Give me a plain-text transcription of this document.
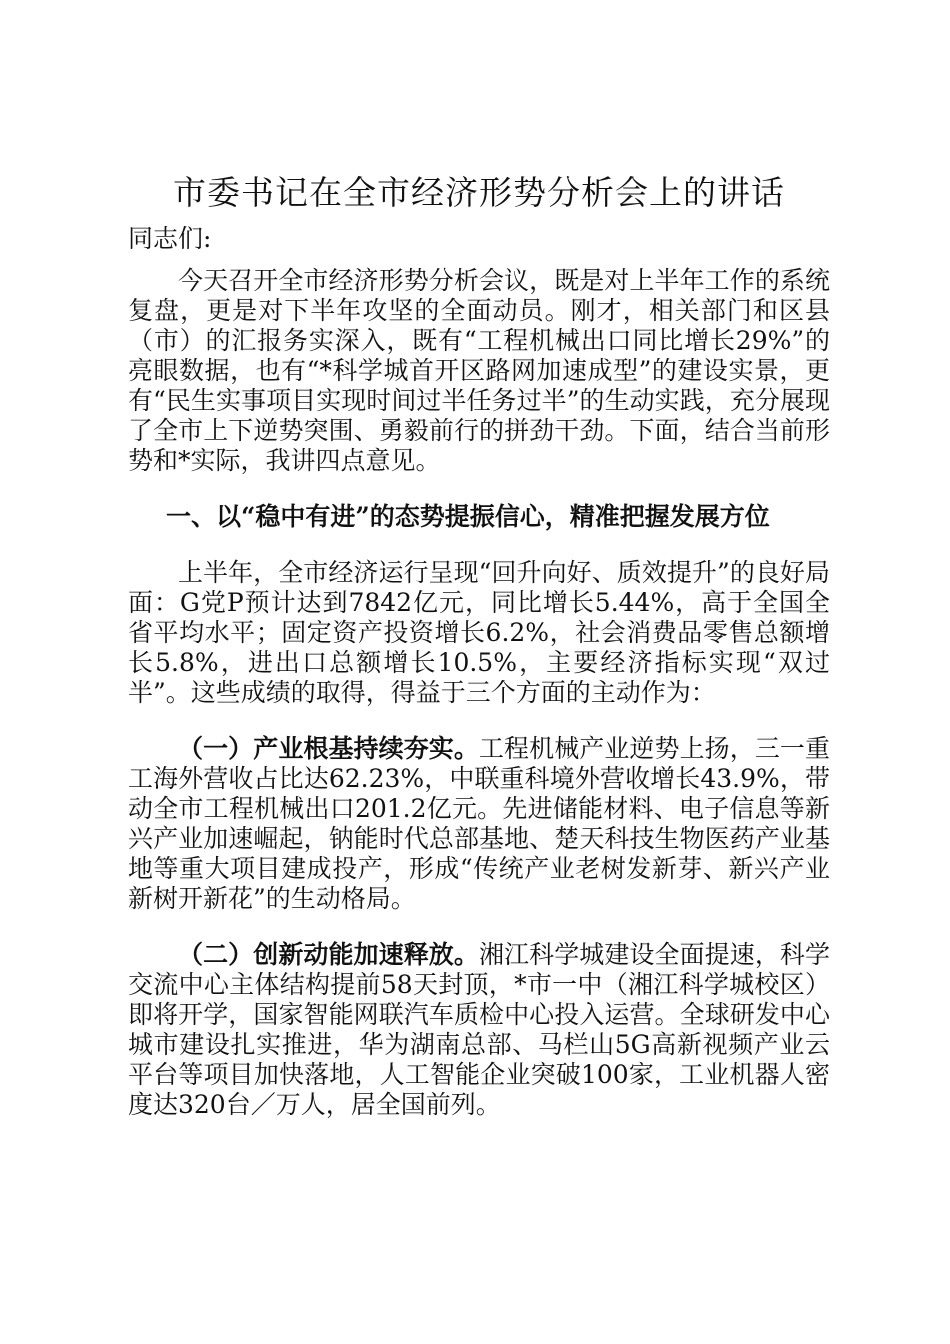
市委书记在全市经济形势分析会上的讲话

同志们:

今天召开全市经济形势分析会议，既是对上半年工作的系统复盘，更是对下半年攻坚的全面动员。刚才，相关部门和区县（市）的汇报务实深入，既有“工程机械出口同比增长29%”的亮眼数据，也有“*科学城首开区路网加速成型”的建设实景，更有“民生实事项目实现时间过半任务过半”的生动实践，充分展现了全市上下逆势突围、勇毅前行的拼劲干劲。下面，结合当前形势和*实际，我讲四点意见。

一、以“稳中有进”的态势提振信心，精准把握发展方位

上半年，全市经济运行呈现“回升向好、质效提升”的良好局面：G党P预计达到7842亿元，同比增长5.44%，高于全国全省平均水平；固定资产投资增长6.2%，社会消费品零售总额增长5.8%，进出口总额增长10.5%，主要经济指标实现“双过半”。这些成绩的取得，得益于三个方面的主动作为：

（一）产业根基持续夯实。工程机械产业逆势上扬，三一重工海外营收占比达62.23%，中联重科境外营收增长43.9%，带动全市工程机械出口201.2亿元。先进储能材料、电子信息等新兴产业加速崛起，钠能时代总部基地、楚天科技生物医药产业基地等重大项目建成投产，形成“传统产业老树发新芽、新兴产业新树开新花”的生动格局。

（二）创新动能加速释放。湘江科学城建设全面提速，科学交流中心主体结构提前58天封顶，*市一中（湘江科学城校区）即将开学，国家智能网联汽车质检中心投入运营。全球研发中心城市建设扎实推进，华为湖南总部、马栏山5G高新视频产业云平台等项目加快落地，人工智能企业突破100家，工业机器人密度达320台／万人，居全国前列。
